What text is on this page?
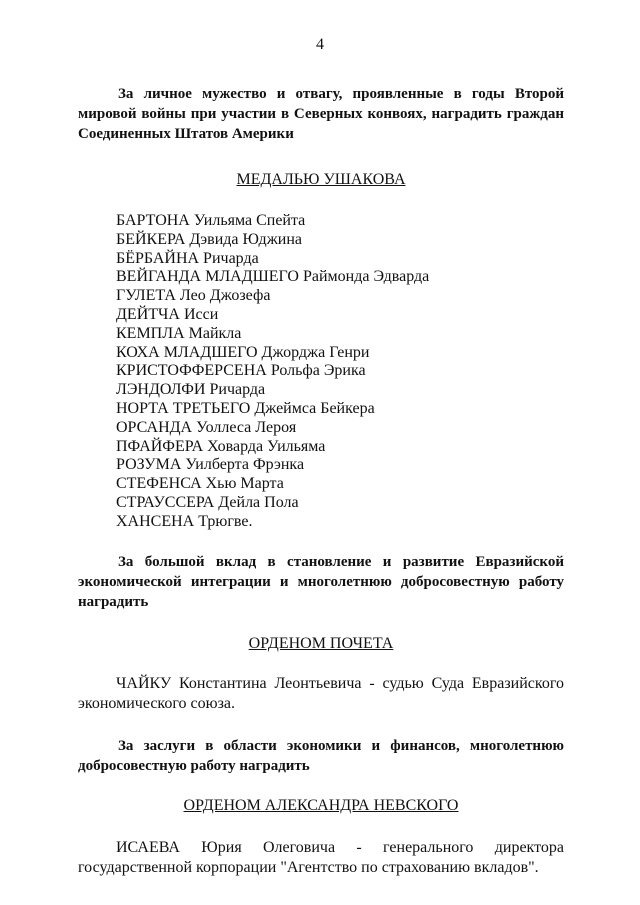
4

За личное мужество и отвагу, проявленные в годы Второй мировой войны при участии в Северных конвоях, наградить граждан Соединенных Штатов Америки

МЕДАЛЬЮ УШАКОВА

БАРТОНА Уильяма Спейта
БЕЙКЕРА Дэвида Юджина
БЁРБАЙНА Ричарда
ВЕЙГАНДА МЛАДШЕГО Раймонда Эдварда
ГУЛЕТА Лео Джозефа
ДЕЙТЧА Исси
КЕМПЛА Майкла
КОХА МЛАДШЕГО Джорджа Генри
КРИСТОФФЕРСЕНА Рольфа Эрика
ЛЭНДОЛФИ Ричарда
НОРТА ТРЕТЬЕГО Джеймса Бейкера
ОРСАНДА Уоллеса Лероя
ПФАЙФЕРА Ховарда Уильяма
РОЗУМА Уилберта Фрэнка
СТЕФЕНСА Хью Марта
СТРАУССЕРА Дейла Пола
ХАНСЕНА Трюгве.

За большой вклад в становление и развитие Евразийской экономической интеграции и многолетнюю добросовестную работу наградить

ОРДЕНОМ ПОЧЕТА

ЧАЙКУ Константина Леонтьевича - судью Суда Евразийского экономического союза.

За заслуги в области экономики и финансов, многолетнюю добросовестную работу наградить

ОРДЕНОМ АЛЕКСАНДРА НЕВСКОГО

ИСАЕВА Юрия Олеговича - генерального директора государственной корпорации "Агентство по страхованию вкладов".
